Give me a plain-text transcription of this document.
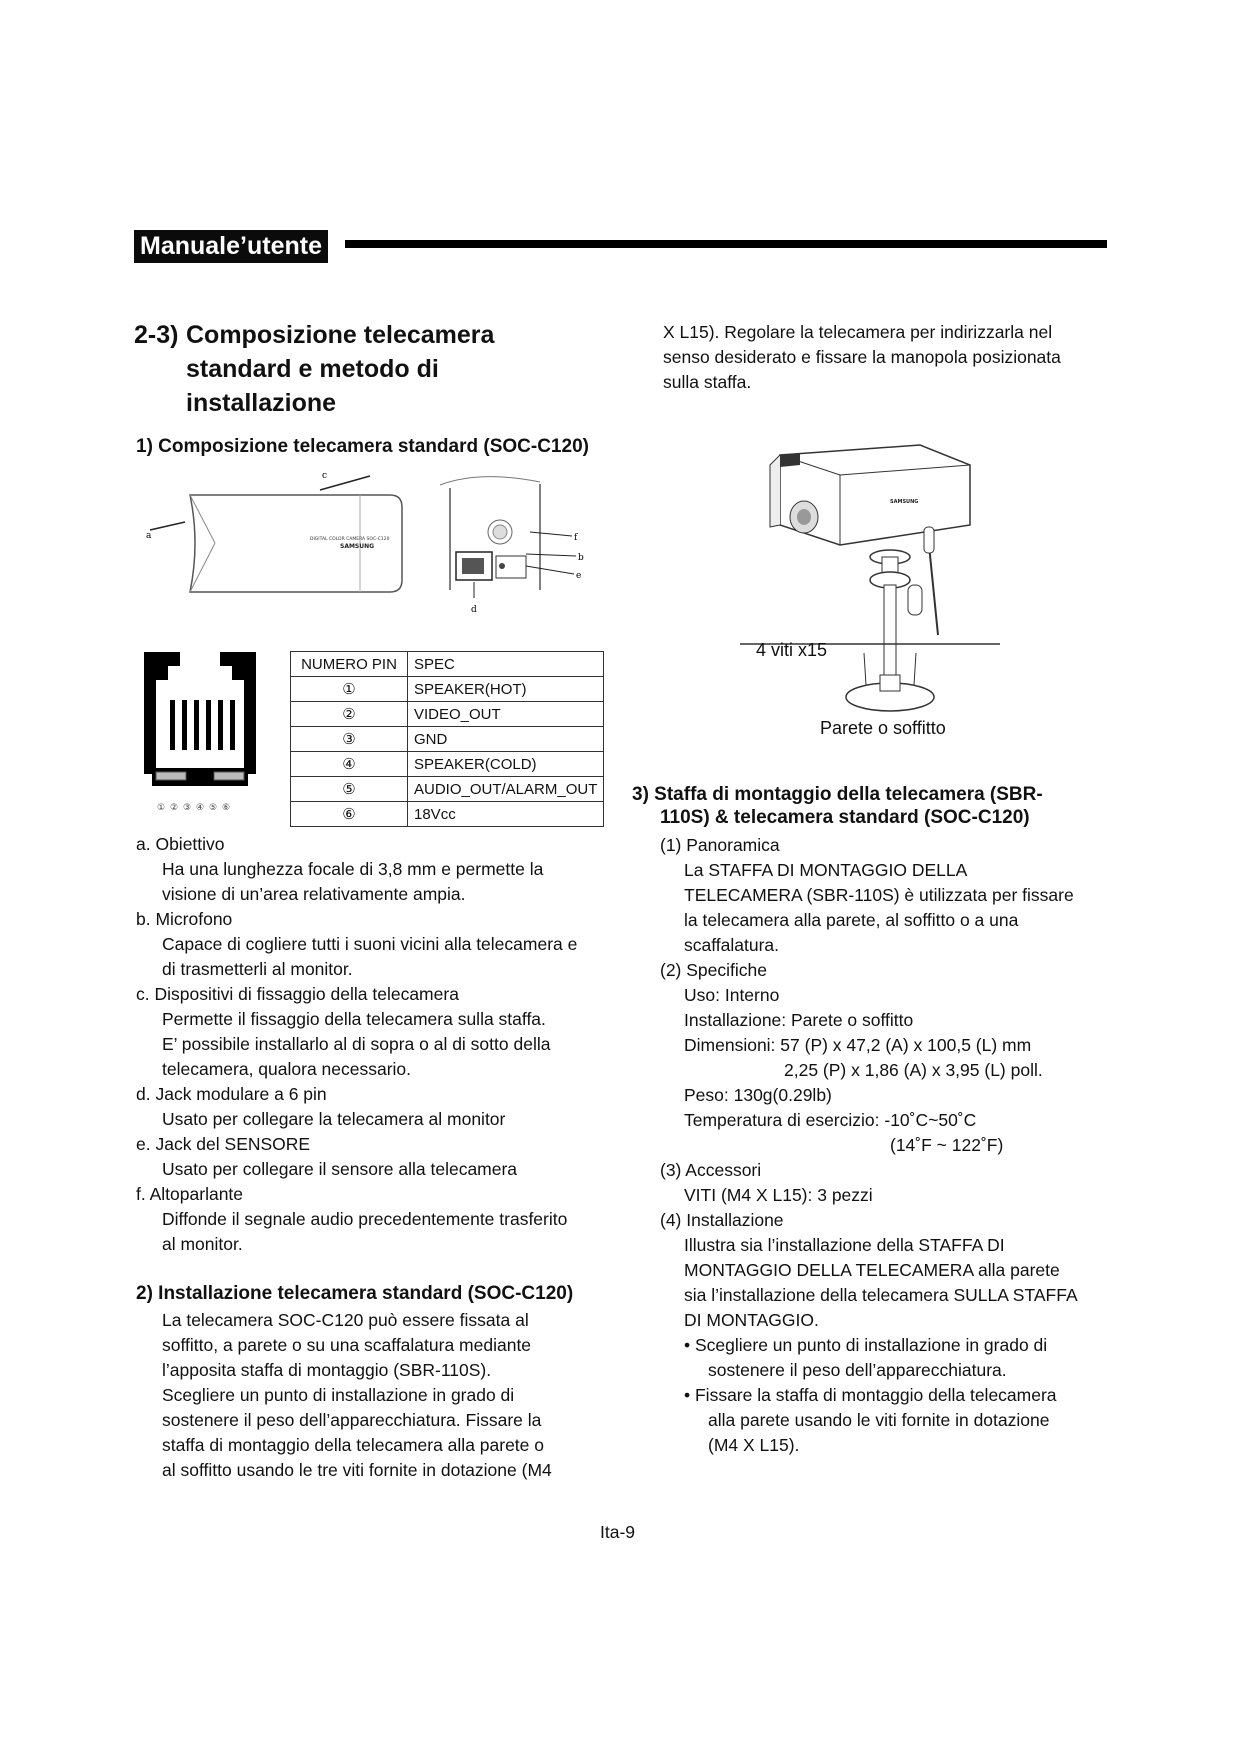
Manuale’utente
2-3) Composizione telecamera
standard e metodo di
installazione
1) Composizione telecamera standard (SOC-C120)
DIGITAL COLOR CAMERA SOC-C120
SAMSUNG
a
c
f
b
e
d
① ② ③ ④ ⑤ ⑥
NUMERO PIN	SPEC
①	SPEAKER(HOT)
②	VIDEO_OUT
③	GND
④	SPEAKER(COLD)
⑤	AUDIO_OUT/ALARM_OUT
⑥	18Vcc

a. Obiettivo

Ha una lunghezza focale di 3,8 mm e permette la

visione di un’area relativamente ampia.

b. Microfono

Capace di cogliere tutti i suoni vicini alla telecamera e

di trasmetterli al monitor.

c. Dispositivi di fissaggio della telecamera

Permette il fissaggio della telecamera sulla staffa.

E’ possibile installarlo al di sopra o al di sotto della

telecamera, qualora necessario.

d. Jack modulare a 6 pin

Usato per collegare la telecamera al monitor

e. Jack del SENSORE

Usato per collegare il sensore alla telecamera

f. Altoparlante

Diffonde il segnale audio precedentemente trasferito

al monitor.

2) Installazione telecamera standard (SOC-C120)

La telecamera SOC-C120 può essere fissata al

soffitto, a parete o su una scaffalatura mediante

l’apposita staffa di montaggio (SBR-110S).

Scegliere un punto di installazione in grado di

sostenere il peso dell’apparecchiatura. Fissare la

staffa di montaggio della telecamera alla parete o

al soffitto usando le tre viti fornite in dotazione (M4

X L15). Regolare la telecamera per indirizzarla nel

senso desiderato e fissare la manopola posizionata

sulla staffa.

SAMSUNG
4 viti x15
Parete o soffitto
3) Staffa di montaggio della telecamera (SBR-
110S) & telecamera standard (SOC-C120)

(1) Panoramica

La STAFFA DI MONTAGGIO DELLA

TELECAMERA (SBR-110S) è utilizzata per fissare

la telecamera alla parete, al soffitto o a una

scaffalatura.

(2) Specifiche

Uso: Interno

Installazione: Parete o soffitto

Dimensioni: 57 (P) x 47,2 (A) x 100,5 (L) mm

2,25 (P) x 1,86 (A) x 3,95 (L) poll.

Peso: 130g(0.29lb)

Temperatura di esercizio: -10˚C~50˚C

(14˚F ~ 122˚F)

(3) Accessori

VITI (M4 X L15): 3 pezzi

(4) Installazione

Illustra sia l’installazione della STAFFA DI

MONTAGGIO DELLA TELECAMERA alla parete

sia l’installazione della telecamera SULLA STAFFA

DI MONTAGGIO.

• Scegliere un punto di installazione in grado di

sostenere il peso dell’apparecchiatura.

• Fissare la staffa di montaggio della telecamera

alla parete usando le viti fornite in dotazione

(M4 X L15).

Ita-9
